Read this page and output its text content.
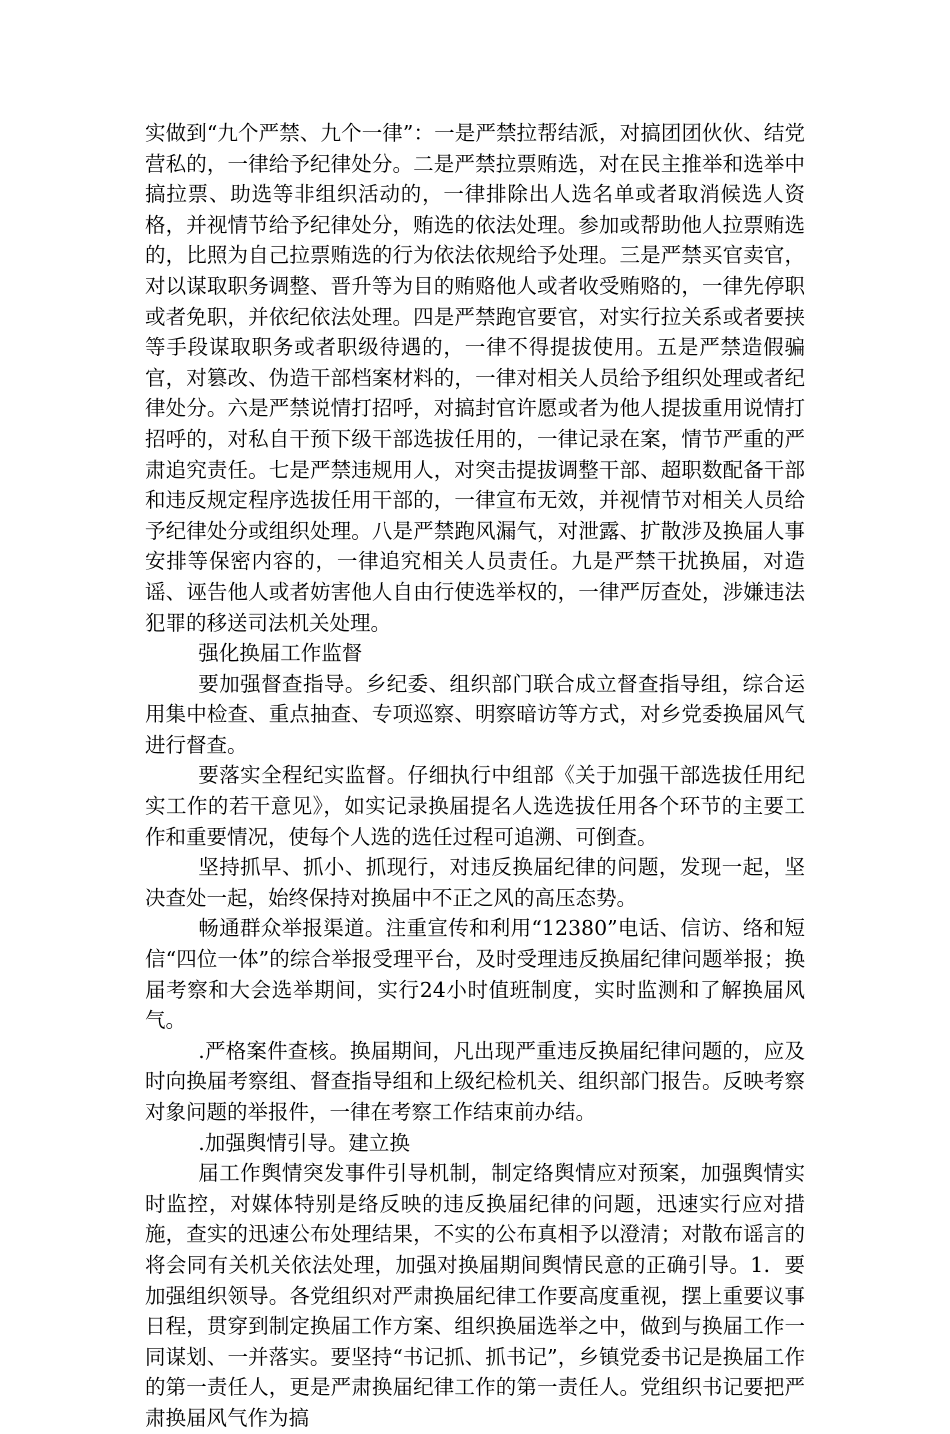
实做到“九个严禁、九个一律”：一是严禁拉帮结派，对搞团团伙伙、结党营私的，一律给予纪律处分。二是严禁拉票贿选，对在民主推举和选举中搞拉票、助选等非组织活动的，一律排除出人选名单或者取消候选人资格，并视情节给予纪律处分，贿选的依法处理。参加或帮助他人拉票贿选的，比照为自己拉票贿选的行为依法依规给予处理。三是严禁买官卖官，对以谋取职务调整、晋升等为目的贿赂他人或者收受贿赂的，一律先停职或者免职，并依纪依法处理。四是严禁跑官要官，对实行拉关系或者要挟等手段谋取职务或者职级待遇的，一律不得提拔使用。五是严禁造假骗官，对篡改、伪造干部档案材料的，一律对相关人员给予组织处理或者纪律处分。六是严禁说情打招呼，对搞封官许愿或者为他人提拔重用说情打招呼的，对私自干预下级干部选拔任用的，一律记录在案，情节严重的严肃追究责任。七是严禁违规用人，对突击提拔调整干部、超职数配备干部和违反规定程序选拔任用干部的，一律宣布无效，并视情节对相关人员给予纪律处分或组织处理。八是严禁跑风漏气，对泄露、扩散涉及换届人事安排等保密内容的，一律追究相关人员责任。九是严禁干扰换届，对造谣、诬告他人或者妨害他人自由行使选举权的，一律严厉查处，涉嫌违法犯罪的移送司法机关处理。

强化换届工作监督

要加强督查指导。乡纪委、组织部门联合成立督查指导组，综合运用集中检查、重点抽查、专项巡察、明察暗访等方式，对乡党委换届风气进行督查。

要落实全程纪实监督。仔细执行中组部《关于加强干部选拔任用纪实工作的若干意见》，如实记录换届提名人选选拔任用各个环节的主要工作和重要情况，使每个人选的选任过程可追溯、可倒查。

坚持抓早、抓小、抓现行，对违反换届纪律的问题，发现一起，坚决查处一起，始终保持对换届中不正之风的高压态势。

畅通群众举报渠道。注重宣传和利用“12380”电话、信访、络和短信“四位一体”的综合举报受理平台，及时受理违反换届纪律问题举报；换届考察和大会选举期间，实行24小时值班制度，实时监测和了解换届风气。

.严格案件查核。换届期间，凡出现严重违反换届纪律问题的，应及时向换届考察组、督查指导组和上级纪检机关、组织部门报告。反映考察对象问题的举报件，一律在考察工作结束前办结。

.加强舆情引导。建立换

届工作舆情突发事件引导机制，制定络舆情应对预案，加强舆情实时监控，对媒体特别是络反映的违反换届纪律的问题，迅速实行应对措施，查实的迅速公布处理结果，不实的公布真相予以澄清；对散布谣言的将会同有关机关依法处理，加强对换届期间舆情民意的正确引导。1．要加强组织领导。各党组织对严肃换届纪律工作要高度重视，摆上重要议事日程，贯穿到制定换届工作方案、组织换届选举之中，做到与换届工作一同谋划、一并落实。要坚持“书记抓、抓书记”，乡镇党委书记是换届工作的第一责任人，更是严肃换届纪律工作的第一责任人。党组织书记要把严肃换届风气作为搞
